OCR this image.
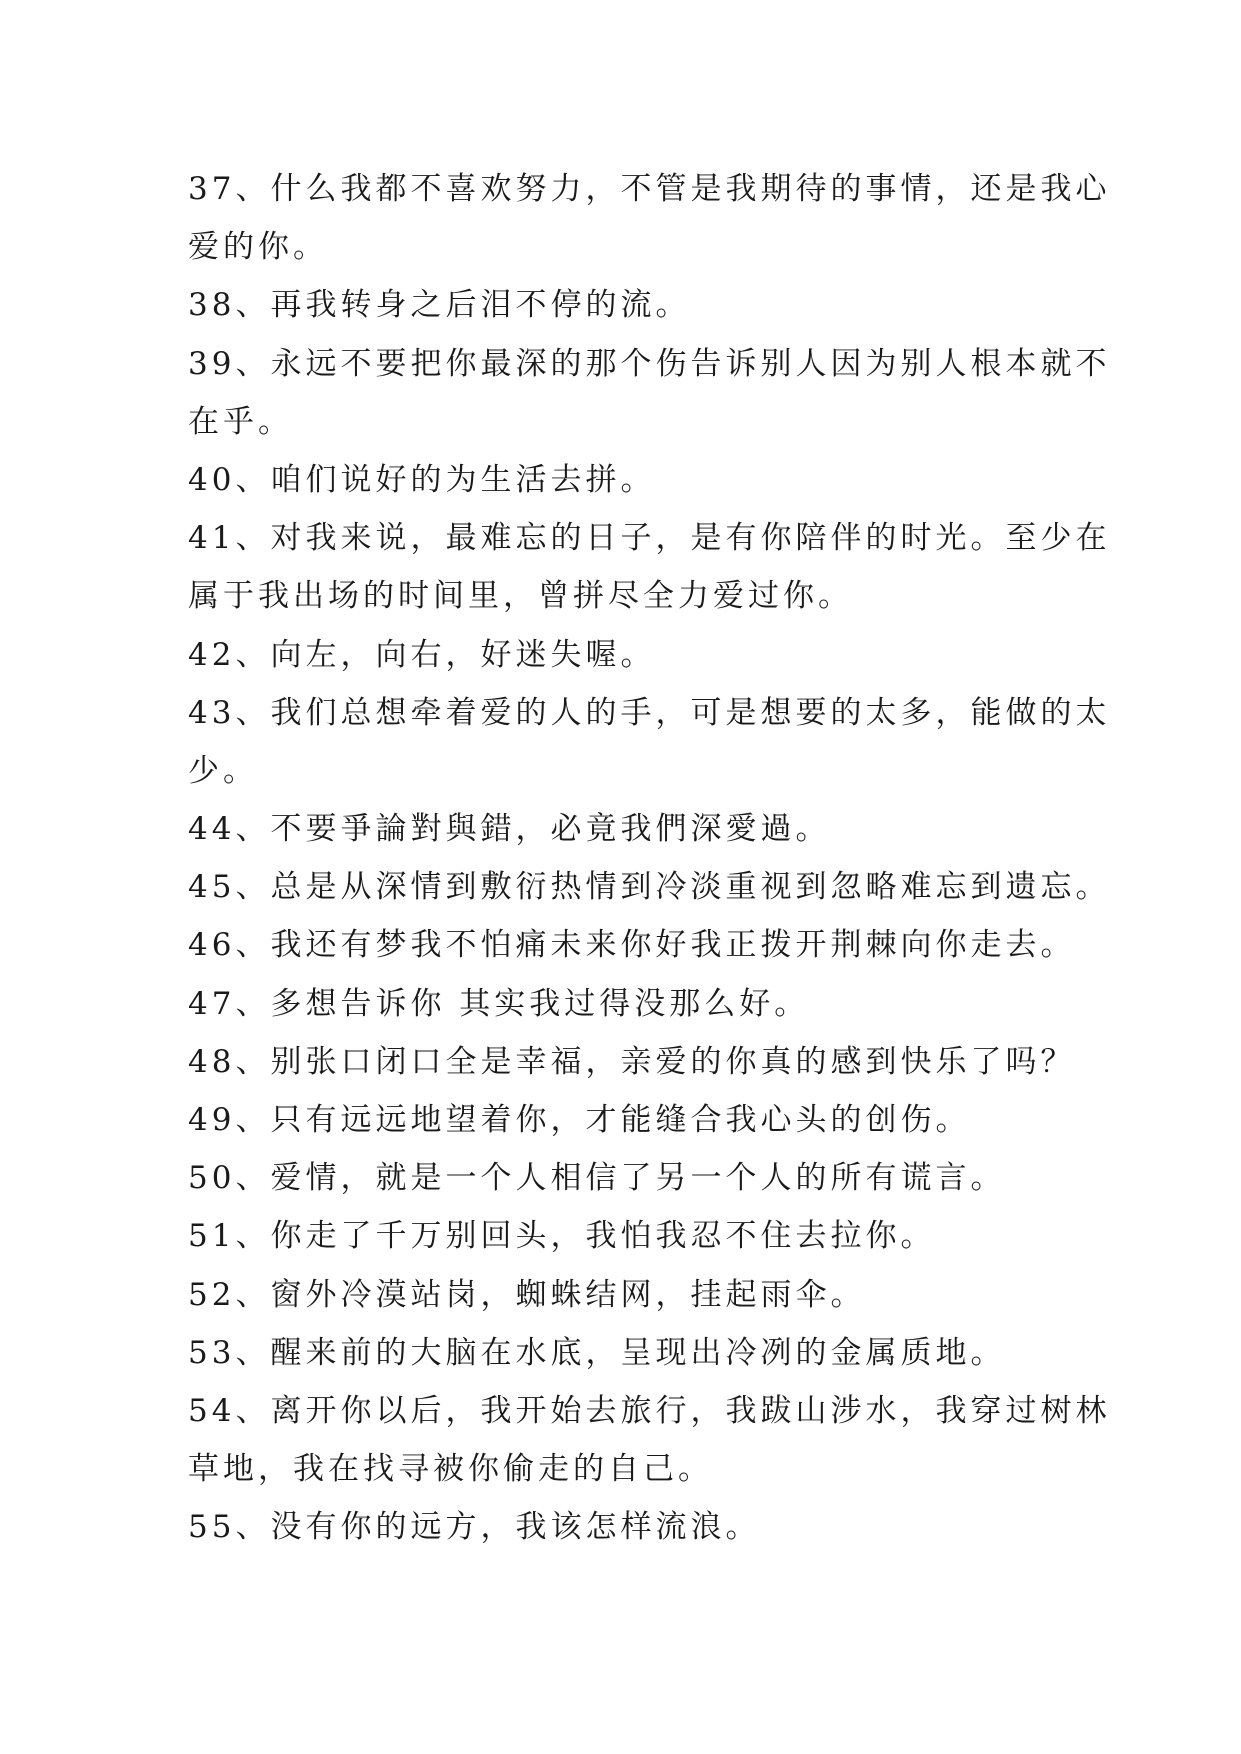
37、什么我都不喜欢努力，不管是我期待的事情，还是我心
爱的你。
38、再我转身之后泪不停的流。
39、永远不要把你最深的那个伤告诉别人因为别人根本就不
在乎。
40、咱们说好的为生活去拼。
41、对我来说，最难忘的日子，是有你陪伴的时光。至少在
属于我出场的时间里，曾拼尽全力爱过你。
42、向左，向右，好迷失喔。
43、我们总想牵着爱的人的手，可是想要的太多，能做的太
少。
44、不要爭論對與錯，必竟我們深愛過。
45、总是从深情到敷衍热情到冷淡重视到忽略难忘到遗忘。
46、我还有梦我不怕痛未来你好我正拨开荆棘向你走去。
47、多想告诉你 其实我过得没那么好。
48、别张口闭口全是幸福，亲爱的你真的感到快乐了吗？
49、只有远远地望着你，才能缝合我心头的创伤。
50、爱情，就是一个人相信了另一个人的所有谎言。
51、你走了千万别回头，我怕我忍不住去拉你。
52、窗外冷漠站岗，蜘蛛结网，挂起雨伞。
53、醒来前的大脑在水底，呈现出冷冽的金属质地。
54、离开你以后，我开始去旅行，我跋山涉水，我穿过树林
草地，我在找寻被你偷走的自己。
55、没有你的远方，我该怎样流浪。
